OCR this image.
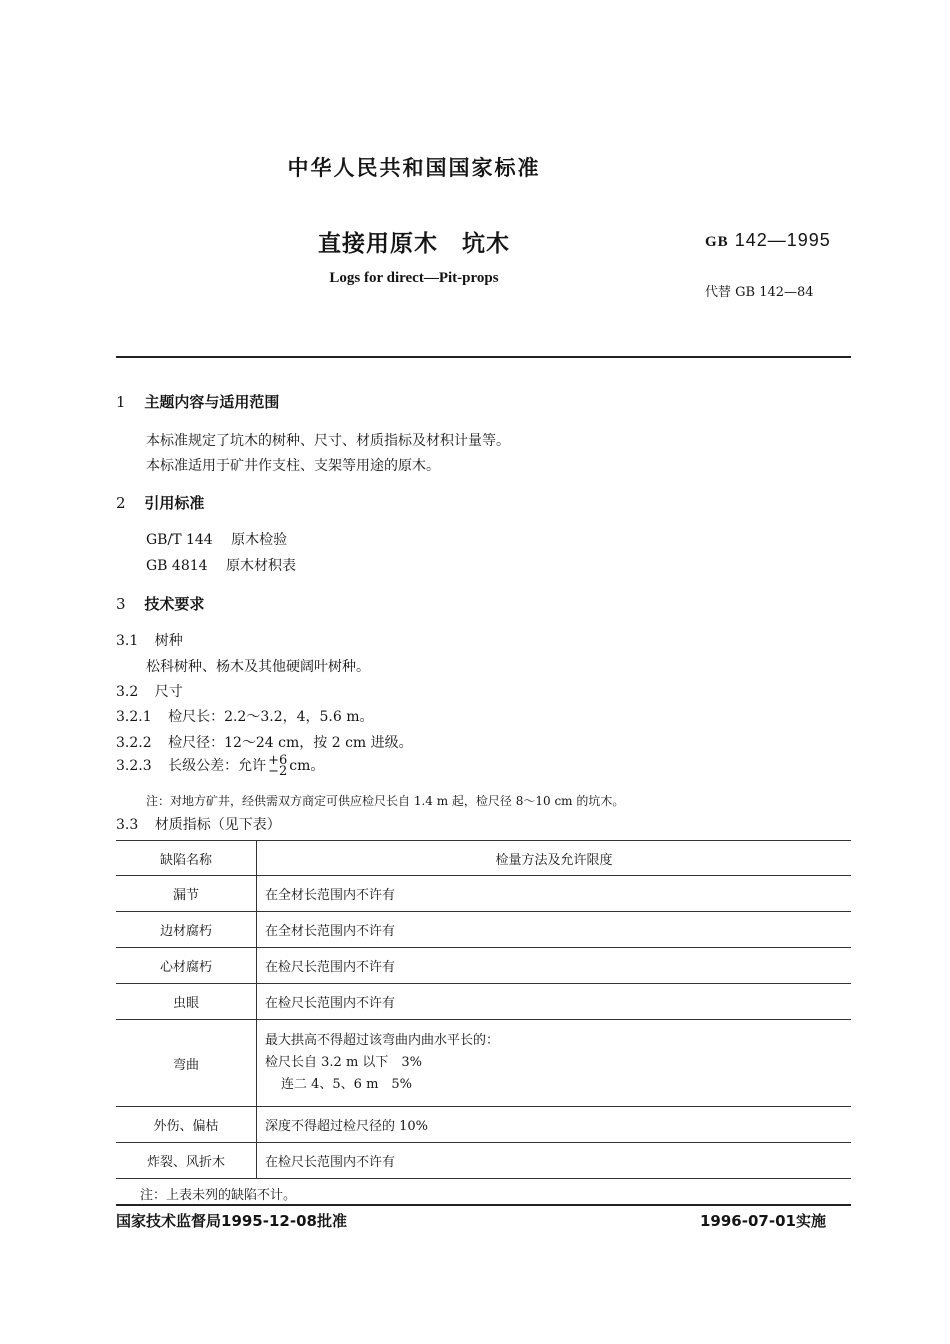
中华人民共和国国家标准
直接用原木　坑木
Logs for direct—Pit-props
GB 142—1995
代替 GB 142—84
1 主题内容与适用范围
本标准规定了坑木的树种、尺寸、材质指标及材积计量等。
本标准适用于矿井作支柱、支架等用途的原木。
2 引用标准
GB/T 144 原木检验
GB 4814 原木材积表
3 技术要求
3.1 树种
松科树种、杨木及其他硬阔叶树种。
3.2 尺寸
3.2.1 检尺长：2.2～3.2，4，5.6 m。
3.2.2 检尺径：12～24 cm，按 2 cm 进级。
3.2.3 长级公差：允许 +6
−2 cm。
注：对地方矿井，经供需双方商定可供应检尺长自 1.4 m 起，检尺径 8～10 cm 的坑木。
3.3 材质指标（见下表）
缺陷名称	检量方法及允许限度
漏节	在全材长范围内不许有
边材腐朽	在全材长范围内不许有
心材腐朽	在检尺长范围内不许有
虫眼	在检尺长范围内不许有
弯曲	最大拱高不得超过该弯曲内曲水平长的：
检尺长自 3.2 m 以下　3%
连二 4、5、6 m　5%

外伤、偏枯	深度不得超过检尺径的 10%
炸裂、风折木	在检尺长范围内不许有
注：上表未列的缺陷不计。
国家技术监督局1995-12-08批准	1996-07-01实施
